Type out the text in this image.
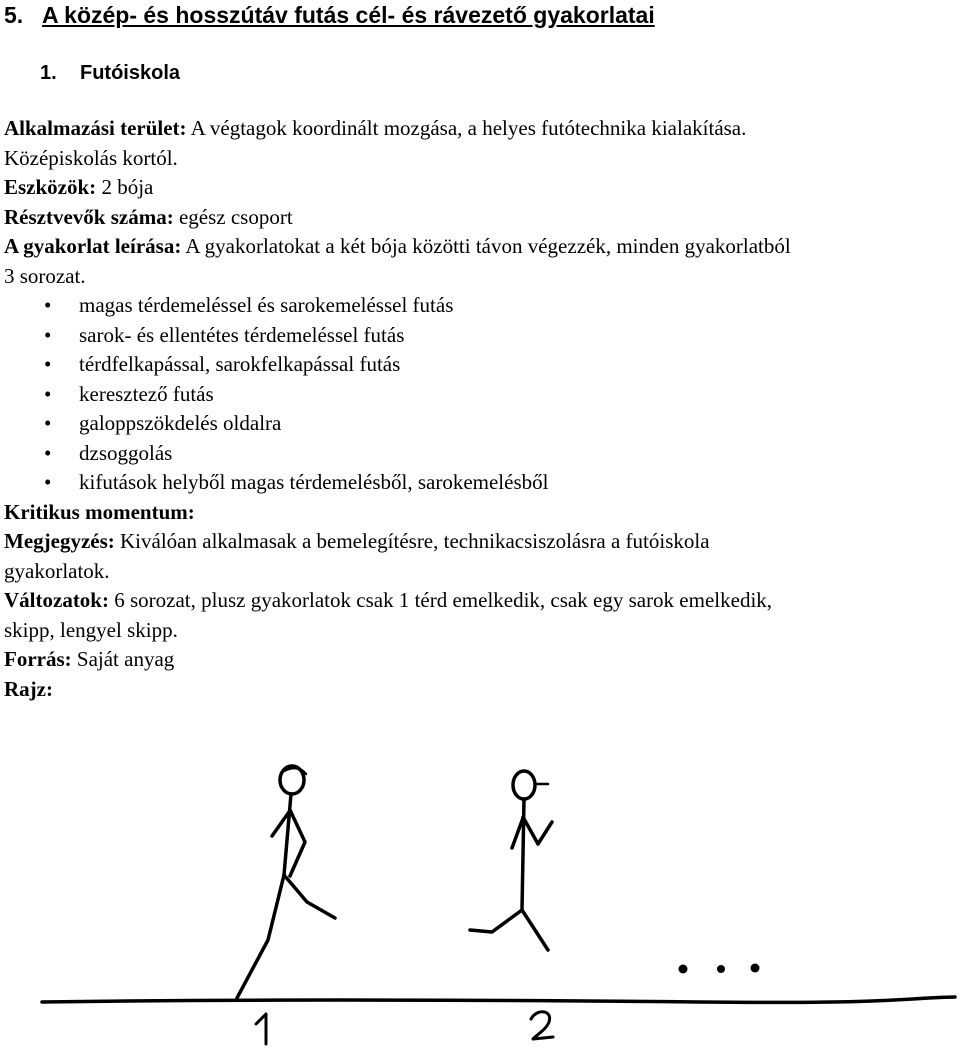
5. A közép- és hosszútáv futás cél- és rávezető gyakorlatai
1. Futóiskola
Alkalmazási terület: A végtagok koordinált mozgása, a helyes futótechnika kialakítása.
Középiskolás kortól.
Eszközök: 2 bója
Résztvevők száma: egész csoport
A gyakorlat leírása: A gyakorlatokat a két bója közötti távon végezzék, minden gyakorlatból
3 sorozat.
• magas térdemeléssel és sarokemeléssel futás
• sarok- és ellentétes térdemeléssel futás
• térdfelkapással, sarokfelkapással futás
• keresztező futás
• galoppszökdelés oldalra
• dzsoggolás
• kifutások helyből magas térdemelésből, sarokemelésből
Kritikus momentum:
Megjegyzés: Kiválóan alkalmasak a bemelegítésre, technikacsiszolásra a futóiskola
gyakorlatok.
Változatok: 6 sorozat, plusz gyakorlatok csak 1 térd emelkedik, csak egy sarok emelkedik,
skipp, lengyel skipp.
Forrás: Saját anyag
Rajz:
